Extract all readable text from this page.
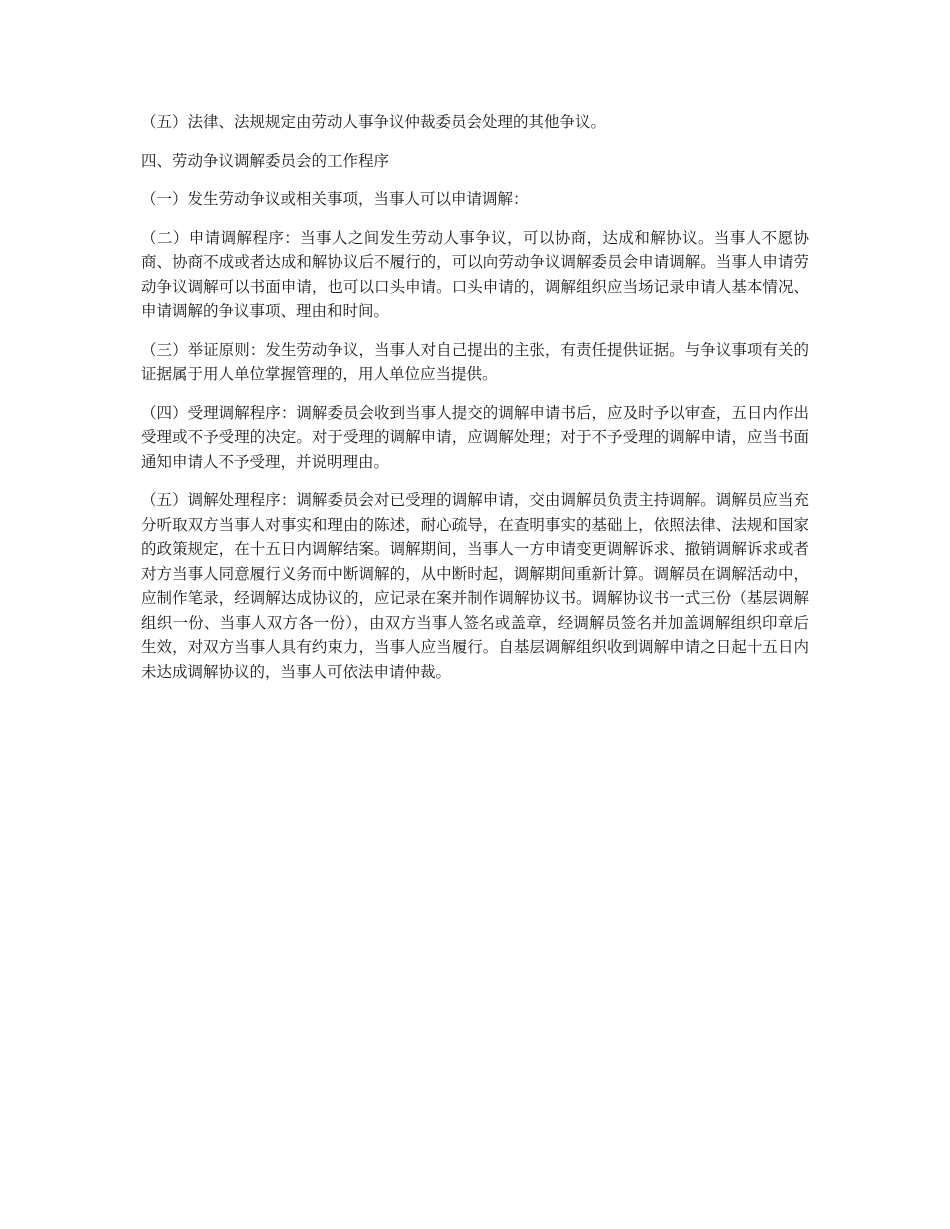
（五）法律、法规规定由劳动人事争议仲裁委员会处理的其他争议。

四、劳动争议调解委员会的工作程序

（一）发生劳动争议或相关事项，当事人可以申请调解：

（二）申请调解程序：当事人之间发生劳动人事争议，可以协商，达成和解协议。当事人不愿协商、协商不成或者达成和解协议后不履行的，可以向劳动争议调解委员会申请调解。当事人申请劳动争议调解可以书面申请，也可以口头申请。口头申请的，调解组织应当场记录申请人基本情况、申请调解的争议事项、理由和时间。

（三）举证原则：发生劳动争议，当事人对自己提出的主张，有责任提供证据。与争议事项有关的证据属于用人单位掌握管理的，用人单位应当提供。

（四）受理调解程序：调解委员会收到当事人提交的调解申请书后，应及时予以审查，五日内作出受理或不予受理的决定。对于受理的调解申请，应调解处理；对于不予受理的调解申请，应当书面通知申请人不予受理，并说明理由。

（五）调解处理程序：调解委员会对已受理的调解申请，交由调解员负责主持调解。调解员应当充分听取双方当事人对事实和理由的陈述，耐心疏导，在查明事实的基础上，依照法律、法规和国家的政策规定，在十五日内调解结案。调解期间，当事人一方申请变更调解诉求、撤销调解诉求或者对方当事人同意履行义务而中断调解的，从中断时起，调解期间重新计算。调解员在调解活动中，应制作笔录，经调解达成协议的，应记录在案并制作调解协议书。调解协议书一式三份（基层调解组织一份、当事人双方各一份），由双方当事人签名或盖章，经调解员签名并加盖调解组织印章后生效，对双方当事人具有约束力，当事人应当履行。自基层调解组织收到调解申请之日起十五日内未达成调解协议的，当事人可依法申请仲裁。
